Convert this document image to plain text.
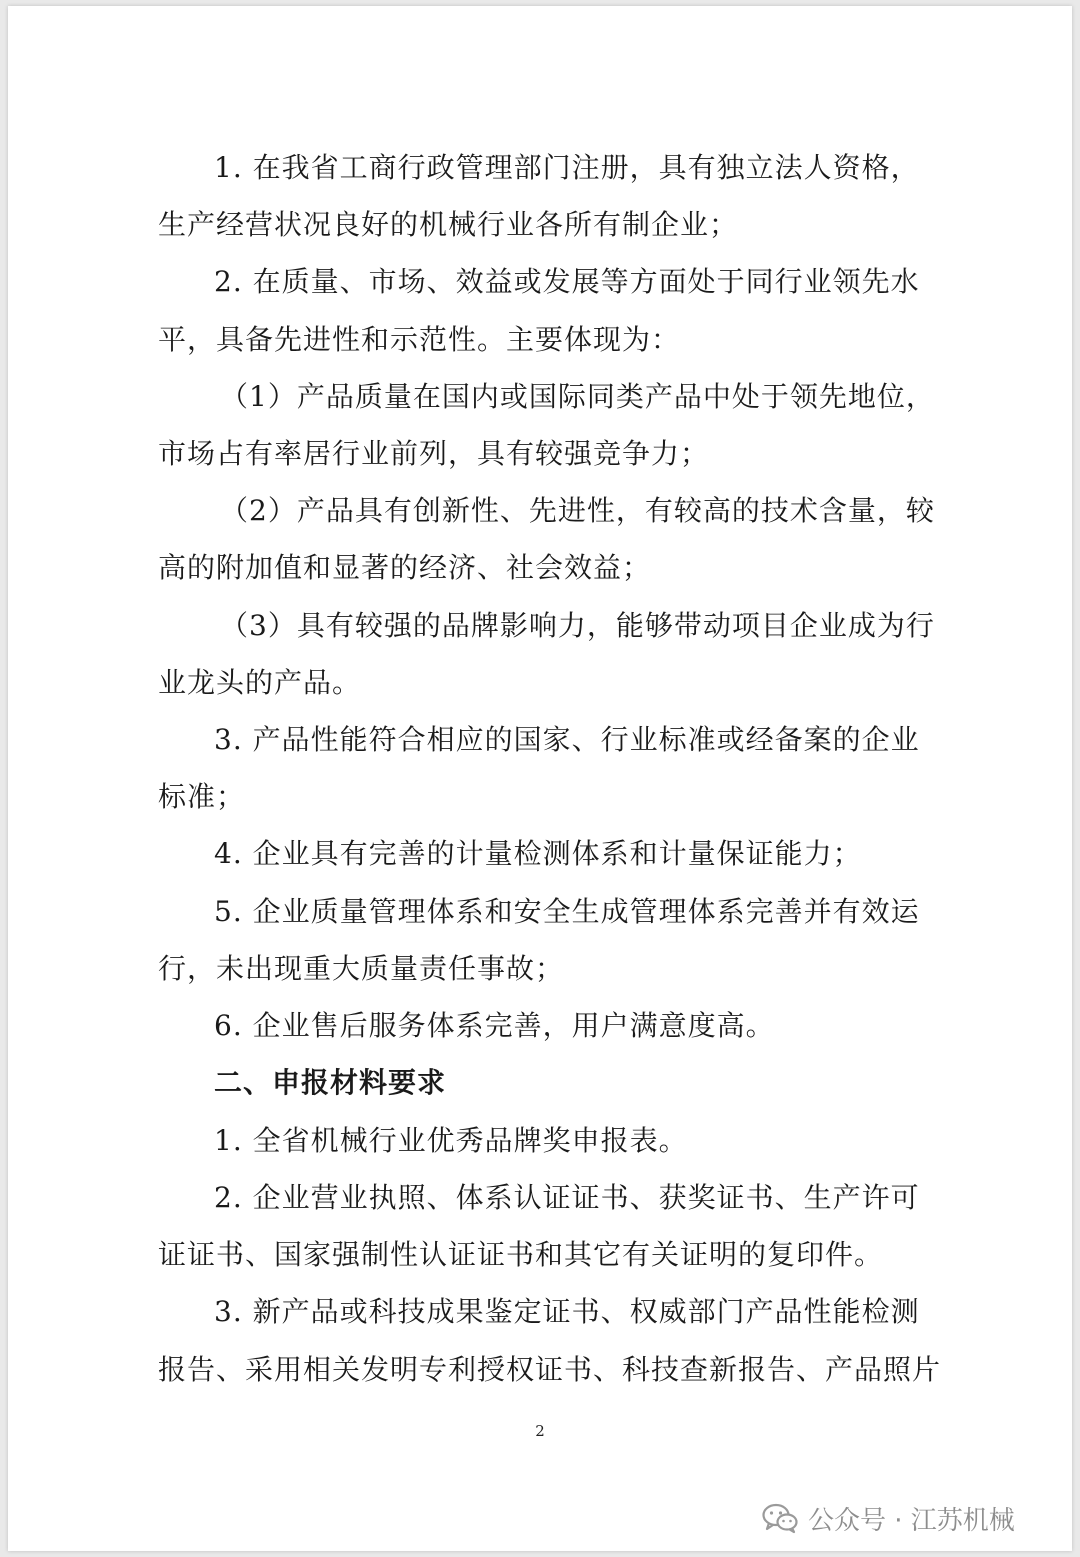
1. 在我省工商行政管理部门注册，具有独立法人资格，
生产经营状况良好的机械行业各所有制企业；
2. 在质量、市场、效益或发展等方面处于同行业领先水
平，具备先进性和示范性。主要体现为：
（1）产品质量在国内或国际同类产品中处于领先地位，
市场占有率居行业前列，具有较强竞争力；
（2）产品具有创新性、先进性，有较高的技术含量，较
高的附加值和显著的经济、社会效益；
（3）具有较强的品牌影响力，能够带动项目企业成为行
业龙头的产品。
3. 产品性能符合相应的国家、行业标准或经备案的企业
标准；
4. 企业具有完善的计量检测体系和计量保证能力；
5. 企业质量管理体系和安全生成管理体系完善并有效运
行，未出现重大质量责任事故；
6. 企业售后服务体系完善，用户满意度高。
二、申报材料要求
1. 全省机械行业优秀品牌奖申报表。
2. 企业营业执照、体系认证证书、获奖证书、生产许可
证证书、国家强制性认证证书和其它有关证明的复印件。
3. 新产品或科技成果鉴定证书、权威部门产品性能检测
报告、采用相关发明专利授权证书、科技查新报告、产品照片
2
公众号 · 江苏机械
